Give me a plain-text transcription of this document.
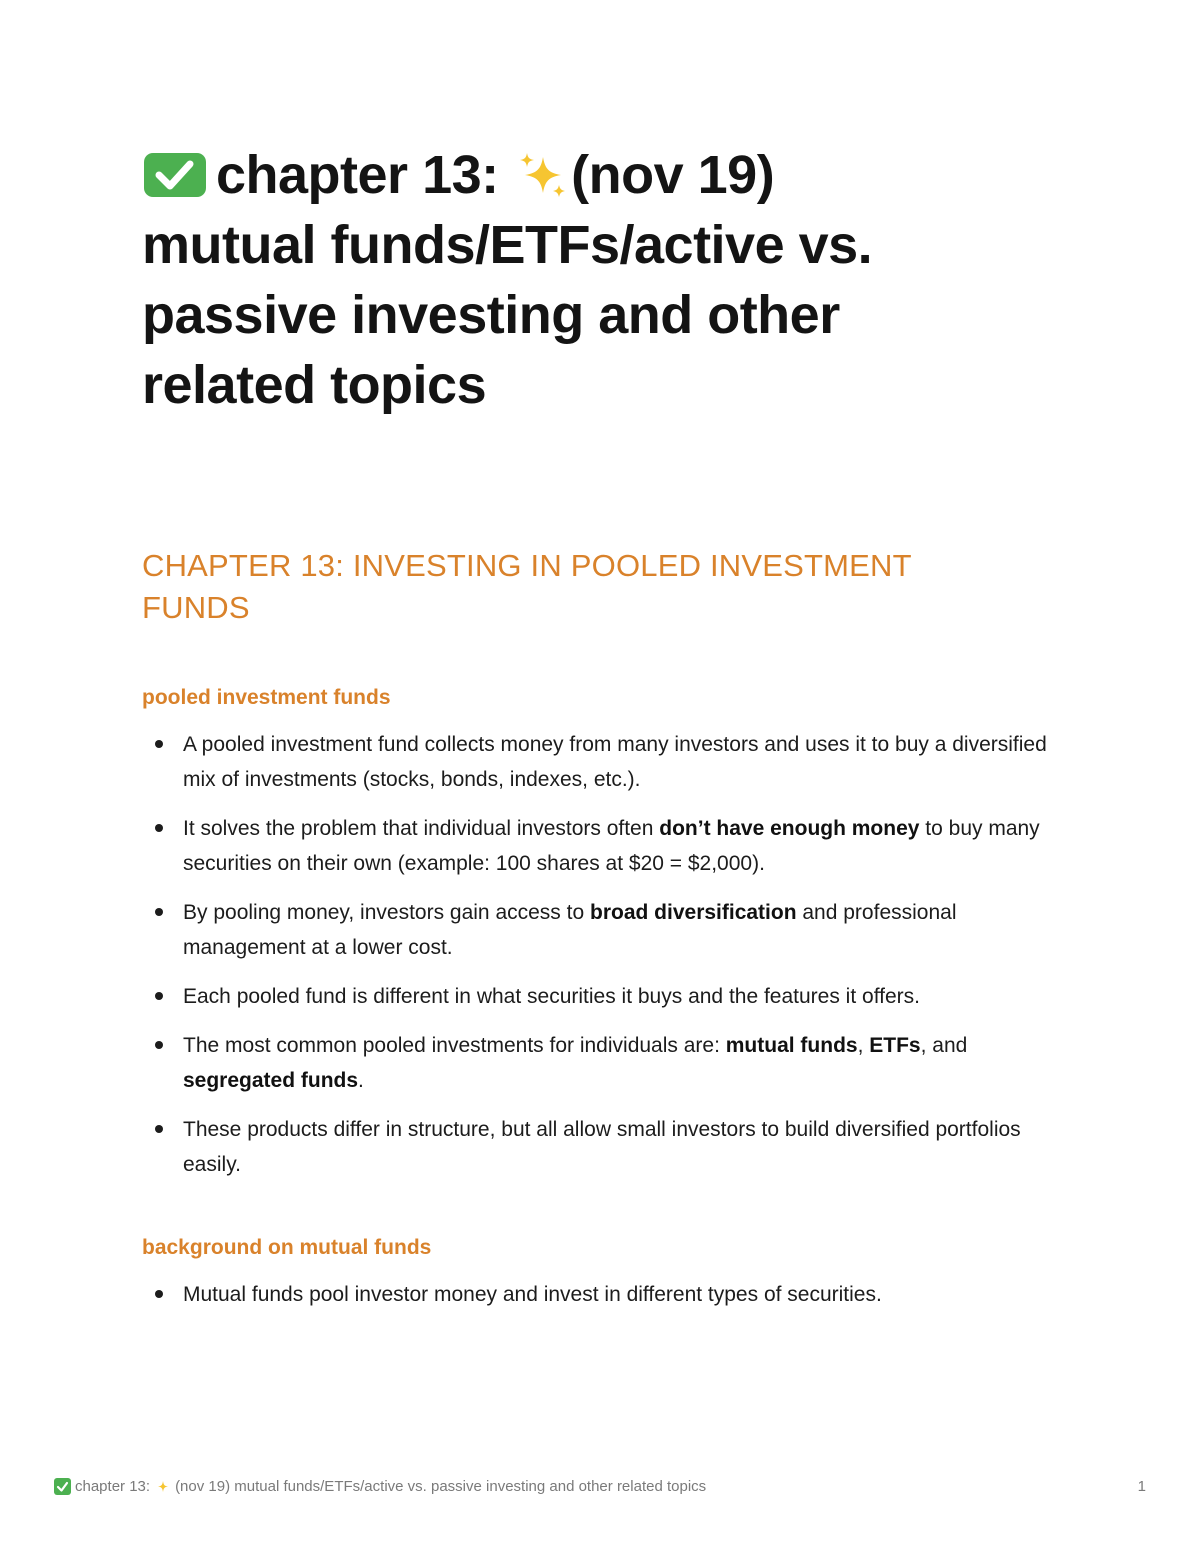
chapter 13: (nov 19)
mutual funds/ETFs/active vs.
passive investing and other
related topics
CHAPTER 13: INVESTING IN POOLED INVESTMENT
FUNDS
pooled investment funds
A pooled investment fund collects money from many investors and uses it to buy a diversified mix of investments (stocks, bonds, indexes, etc.).
It solves the problem that individual investors often don’t have enough money to buy many securities on their own (example: 100 shares at $20 = $2,000).
By pooling money, investors gain access to broad diversification and professional management at a lower cost.
Each pooled fund is different in what securities it buys and the features it offers.
The most common pooled investments for individuals are: mutual funds, ETFs, and segregated funds.
These products differ in structure, but all allow small investors to build diversified portfolios easily.
background on mutual funds
Mutual funds pool investor money and invest in different types of securities.
chapter 13: (nov 19) mutual funds/ETFs/active vs. passive investing and other related topics	1
